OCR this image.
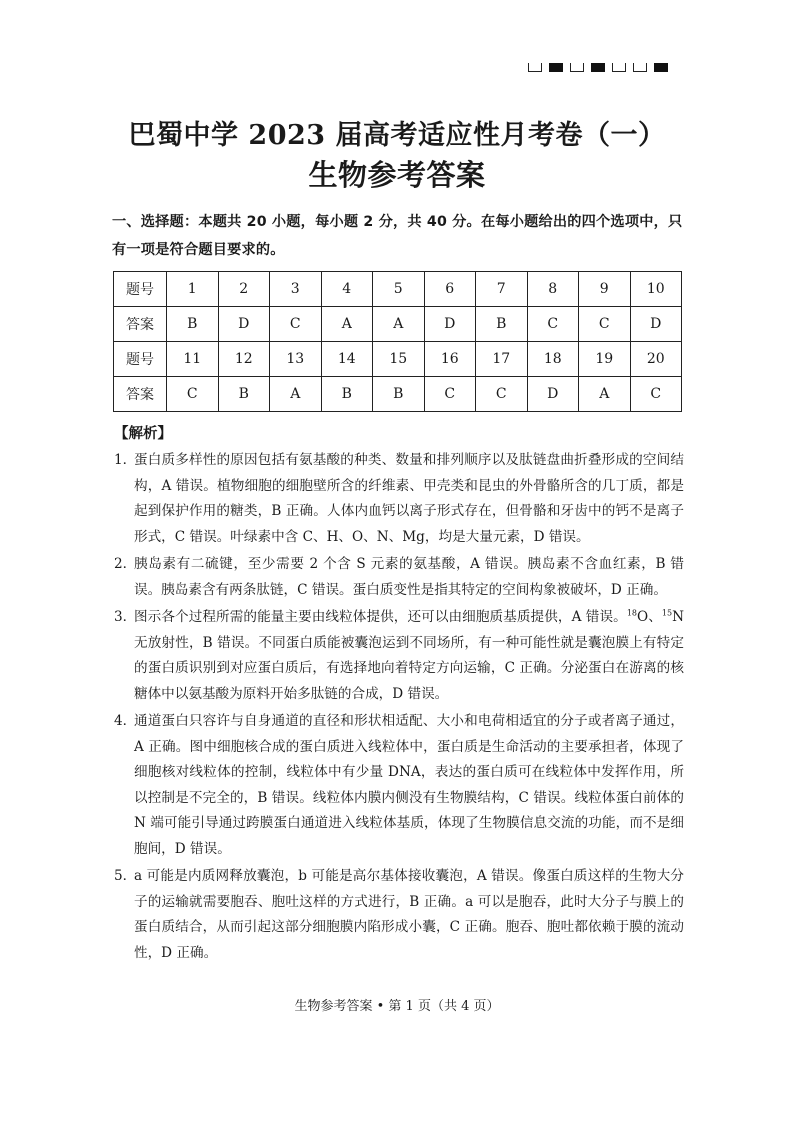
巴蜀中学 2023 届高考适应性月考卷（一）
生物参考答案
一、选择题：本题共 20 小题，每小题 2 分，共 40 分。在每小题给出的四个选项中，只有一项是符合题目要求的。
题号	1	2	3	4	5	6	7	8	9	10
答案	B	D	C	A	A	D	B	C	C	D
题号	11	12	13	14	15	16	17	18	19	20
答案	C	B	A	B	B	C	C	D	A	C
【解析】
1．
蛋白质多样性的原因包括有氨基酸的种类、数量和排列顺序以及肽链盘曲折叠形成的空间结构，A 错误。植物细胞的细胞壁所含的纤维素、甲壳类和昆虫的外骨骼所含的几丁质，都是起到保护作用的糖类，B 正确。人体内血钙以离子形式存在，但骨骼和牙齿中的钙不是离子形式，C 错误。叶绿素中含 C、H、O、N、Mg，均是大量元素，D 错误。
2．
胰岛素有二硫键，至少需要 2 个含 S 元素的氨基酸，A 错误。胰岛素不含血红素，B 错误。胰岛素含有两条肽链，C 错误。蛋白质变性是指其特定的空间构象被破坏，D 正确。
3．
图示各个过程所需的能量主要由线粒体提供，还可以由细胞质基质提供，A 错误。$^{18}$O、$^{15}$N 无放射性，B 错误。不同蛋白质能被囊泡运到不同场所，有一种可能性就是囊泡膜上有特定的蛋白质识别到对应蛋白质后，有选择地向着特定方向运输，C 正确。分泌蛋白在游离的核糖体中以氨基酸为原料开始多肽链的合成，D 错误。
4．
通道蛋白只容许与自身通道的直径和形状相适配、大小和电荷相适宜的分子或者离子通过，A 正确。图中细胞核合成的蛋白质进入线粒体中，蛋白质是生命活动的主要承担者，体现了细胞核对线粒体的控制，线粒体中有少量 DNA，表达的蛋白质可在线粒体中发挥作用，所以控制是不完全的，B 错误。线粒体内膜内侧没有生物膜结构，C 错误。线粒体蛋白前体的 N 端可能引导通过跨膜蛋白通道进入线粒体基质，体现了生物膜信息交流的功能，而不是细胞间，D 错误。
5．
a 可能是内质网释放囊泡，b 可能是高尔基体接收囊泡，A 错误。像蛋白质这样的生物大分子的运输就需要胞吞、胞吐这样的方式进行，B 正确。a 可以是胞吞，此时大分子与膜上的蛋白质结合，从而引起这部分细胞膜内陷形成小囊，C 正确。胞吞、胞吐都依赖于膜的流动性，D 正确。
生物参考答案 • 第 1 页（共 4 页）
